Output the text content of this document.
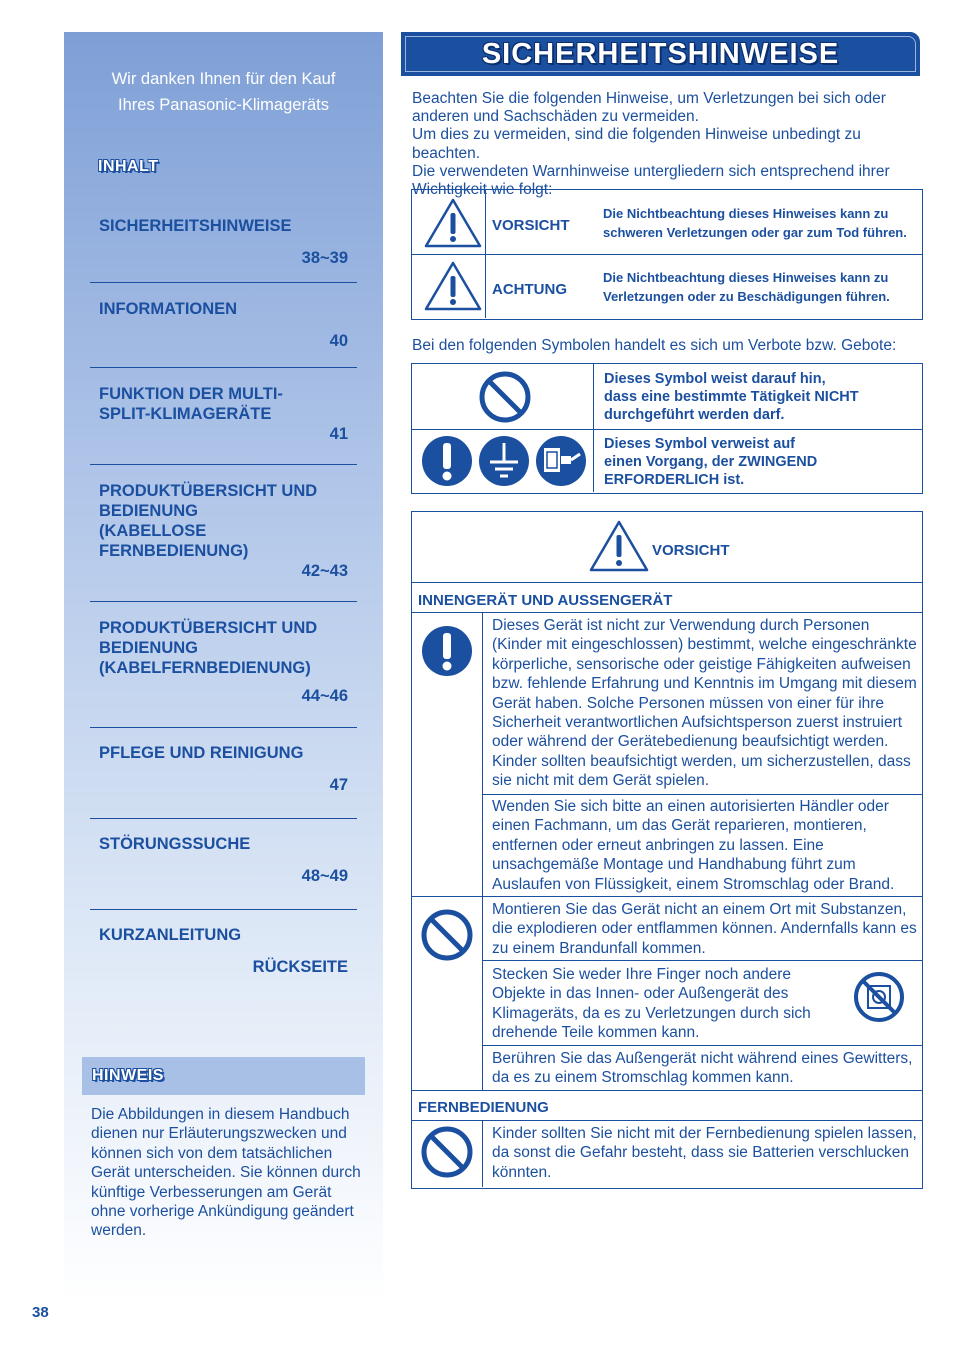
Wir danken Ihnen für den Kauf
Ihres Panasonic-Klimageräts
INHALT
SICHERHEITSHINWEISE
38~39
INFORMATIONEN
40
FUNKTION DER MULTI-
SPLIT-KLIMAGERÄTE
41
PRODUKTÜBERSICHT UND
BEDIENUNG
(KABELLOSE
FERNBEDIENUNG)
42~43
PRODUKTÜBERSICHT UND
BEDIENUNG
(KABELFERNBEDIENUNG)
44~46
PFLEGE UND REINIGUNG
47
STÖRUNGSSUCHE
48~49
KURZANLEITUNG
RÜCKSEITE
HINWEIS
Die Abbildungen in diesem Handbuch dienen nur Erläuterungszwecken und können sich von dem tatsächlichen Gerät unterscheiden. Sie können durch künftige Verbesserungen am Gerät ohne vorherige Ankündigung geändert werden.
38
SICHERHEITSHINWEISE
Beachten Sie die folgenden Hinweise, um Verletzungen bei sich oder anderen und Sachschäden zu vermeiden.
Um dies zu vermeiden, sind die folgenden Hinweise unbedingt zu beachten.
Die verwendeten Warnhinweise untergliedern sich entsprechend ihrer Wichtigkeit wie folgt:
VORSICHT
Die Nichtbeachtung dieses Hinweises kann zu
schweren Verletzungen oder gar zum Tod führen.
ACHTUNG
Die Nichtbeachtung dieses Hinweises kann zu
Verletzungen oder zu Beschädigungen führen.
Bei den folgenden Symbolen handelt es sich um Verbote bzw. Gebote:
Dieses Symbol weist darauf hin,
dass eine bestimmte Tätigkeit NICHT
durchgeführt werden darf.
Dieses Symbol verweist auf
einen Vorgang, der ZWINGEND
ERFORDERLICH ist.
VORSICHT
INNENGERÄT UND AUSSENGERÄT
Dieses Gerät ist nicht zur Verwendung durch Personen (Kinder mit eingeschlossen) bestimmt, welche eingeschränkte körperliche, sensorische oder geistige Fähigkeiten aufweisen bzw. fehlende Erfahrung und Kenntnis im Umgang mit diesem Gerät haben. Solche Personen müssen von einer für ihre Sicherheit verantwortlichen Aufsichtsperson zuerst instruiert oder während der Gerätebedienung beaufsichtigt werden. Kinder sollten beaufsichtigt werden, um sicherzustellen, dass sie nicht mit dem Gerät spielen.
Wenden Sie sich bitte an einen autorisierten Händler oder einen Fachmann, um das Gerät reparieren, montieren, entfernen oder erneut anbringen zu lassen. Eine unsachgemäße Montage und Handhabung führt zum Auslaufen von Flüssigkeit, einem Stromschlag oder Brand.
Montieren Sie das Gerät nicht an einem Ort mit Substanzen, die explodieren oder entflammen können. Andernfalls kann es zu einem Brandunfall kommen.
Stecken Sie weder Ihre Finger noch andere Objekte in das Innen- oder Außengerät des Klimageräts, da es zu Verletzungen durch sich drehende Teile kommen kann.
Berühren Sie das Außengerät nicht während eines Gewitters, da es zu einem Stromschlag kommen kann.
FERNBEDIENUNG
Kinder sollten Sie nicht mit der Fernbedienung spielen lassen, da sonst die Gefahr besteht, dass sie Batterien verschlucken könnten.
